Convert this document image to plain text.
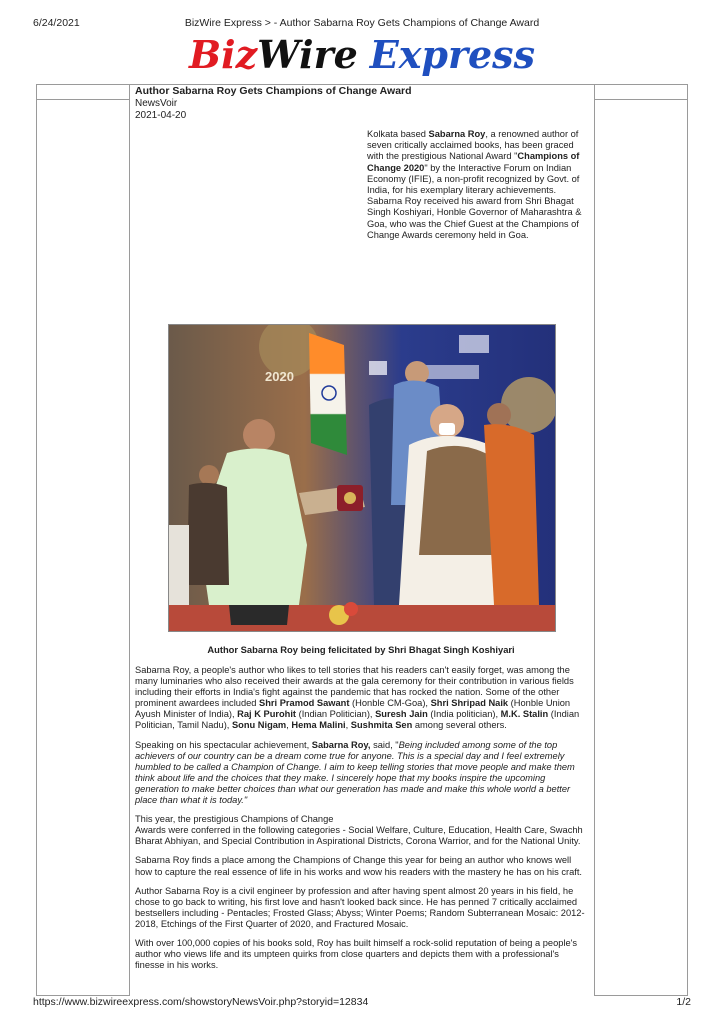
6/24/2021	BizWire Express > - Author Sabarna Roy Gets Champions of Change Award
BizWire Express
Author Sabarna Roy Gets Champions of Change Award
NewsVoir
2021-04-20
Kolkata based Sabarna Roy, a renowned author of seven critically acclaimed books, has been graced with the prestigious National Award "Champions of Change 2020" by the Interactive Forum on Indian Economy (IFIE), a non-profit recognized by Govt. of India, for his exemplary literary achievements. Sabarna Roy received his award from Shri Bhagat Singh Koshiyari, Honble Governor of Maharashtra & Goa, who was the Chief Guest at the Champions of Change Awards ceremony held in Goa.
2020
Author Sabarna Roy being felicitated by Shri Bhagat Singh Koshiyari

Sabarna Roy, a people's author who likes to tell stories that his readers can't easily forget, was among the many luminaries who also received their awards at the gala ceremony for their contribution in various fields including their efforts in India's fight against the pandemic that has rocked the nation. Some of the other prominent awardees included Shri Pramod Sawant (Honble CM-Goa), Shri Shripad Naik (Honble Union Ayush Minister of India), Raj K Purohit (Indian Politician), Suresh Jain (India politician), M.K. Stalin (Indian Politician, Tamil Nadu), Sonu Nigam, Hema Malini, Sushmita Sen among several others.

Speaking on his spectacular achievement, Sabarna Roy, said, "Being included among some of the top achievers of our country can be a dream come true for anyone. This is a special day and I feel extremely humbled to be called a Champion of Change. I aim to keep telling stories that move people and make them think about life and the choices that they make. I sincerely hope that my books inspire the upcoming generation to make better choices than what our generation has made and make this whole world a better place than what it is today."

This year, the prestigious Champions of Change
Awards were conferred in the following categories - Social Welfare, Culture, Education, Health Care, Swachh Bharat Abhiyan, and Special Contribution in Aspirational Districts, Corona Warrior, and for the National Unity.

Sabarna Roy finds a place among the Champions of Change this year for being an author who knows well how to capture the real essence of life in his works and wow his readers with the mastery he has on his craft.

Author Sabarna Roy is a civil engineer by profession and after having spent almost 20 years in his field, he chose to go back to writing, his first love and hasn't looked back since. He has penned 7 critically acclaimed bestsellers including - Pentacles; Frosted Glass; Abyss; Winter Poems; Random Subterranean Mosaic: 2012-2018, Etchings of the First Quarter of 2020, and Fractured Mosaic.

With over 100,000 copies of his books sold, Roy has built himself a rock-solid reputation of being a people's author who views life and its umpteen quirks from close quarters and depicts them with a professional's finesse in his works.

https://www.bizwireexpress.com/showstoryNewsVoir.php?storyid=12834	1/2
